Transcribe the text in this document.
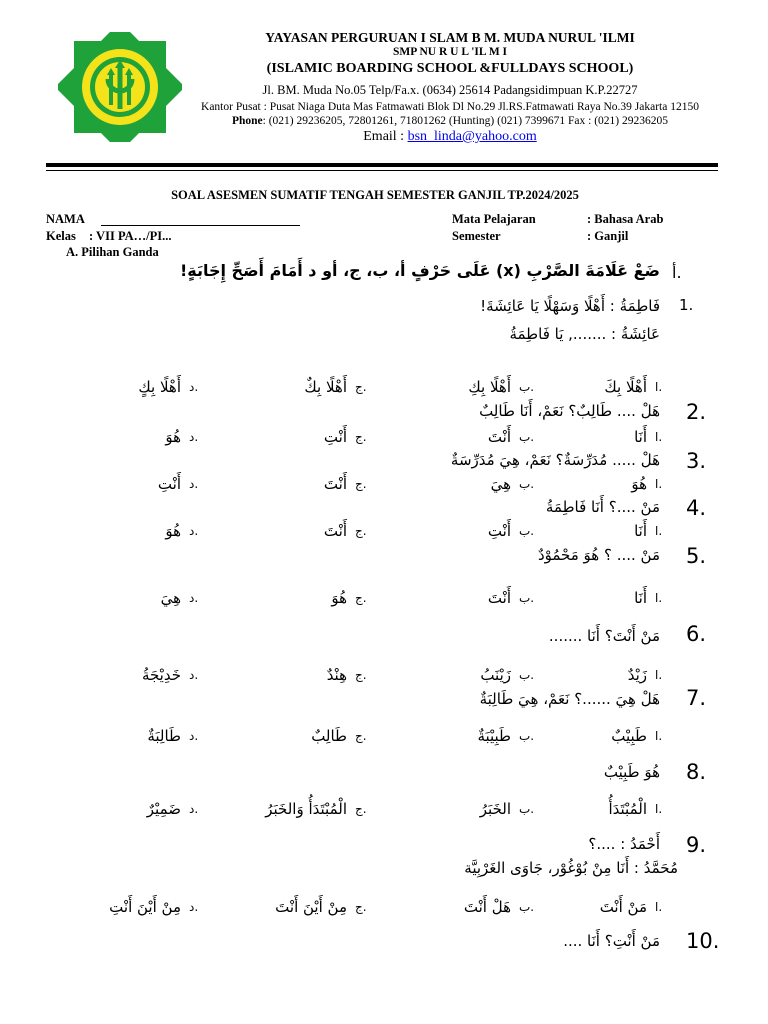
YAYASAN PERGURUAN I SLAM B M. MUDA NURUL 'ILMI
SMP NU R U L 'IL M I
(ISLAMIC BOARDING SCHOOL &FULLDAYS SCHOOL)
Jl. BM. Muda No.05 Telp/Fa.x. (0634) 25614 Padangsidimpuan K.P.22727
Kantor Pusat : Pusat Niaga Duta Mas Fatmawati Blok Dl No.29 Jl.RS.Fatmawati Raya No.39 Jakarta 12150
Phone: (021) 29236205, 72801261, 71801262 (Hunting) (021) 7399671 Fax : (021) 29236205
Email : bsn_linda@yahoo.com
SOAL ASESMEN SUMATIF TENGAH SEMESTER GANJIL TP.2024/2025
NAMA
Kelas : VII PA…/PI...
A. Pilihan Ganda
Mata Pelajaran	: Bahasa Arab
Semester	: Ganjil
أ.
ضَعْ عَلَامَةَ الصَّرْبِ (x) عَلَى حَرْفٍ أ، ب، ج، أو د أَمَامَ أَصَحِّ إِجَابَةٍ!
1.
فَاطِمَةُ : أَهْلًا وَسَهْلًا يَا عَائِشَةَ!
عَائِشَةُ : ......., يَا فَاطِمَةُ
ا.
أَهْلًا بِكَ
ب.
أَهْلًا بِكِ
ج.
أَهْلًا بِكٌ
د.
أَهْلًا بِكٍ
2.
هَلْ .... طَالِبٌ؟ نَعَمْ، أَنَا طَالِبٌ
ا.
أَنَا
ب.
أَنْتَ
ج.
أَنْتِ
د.
هُوَ
3.
هَلْ ..... مُدَرِّسَةٌ؟ نَعَمْ، هِيَ مُدَرِّسَةٌ
ا.
هُوَ
ب.
هِيَ
ج.
أَنْتَ
د.
أَنْتِ
4.
مَنْ ....؟ أَنَا فَاطِمَةُ
ا.
أَنَا
ب.
أَنْتِ
ج.
أَنْتَ
د.
هُوَ
5.
مَنْ .... ؟ هُوَ مَحْمُوْدٌ
ا.
أَنَا
ب.
أَنْتَ
ج.
هُوَ
د.
هِيَ
6.
مَنْ أَنْتَ؟ أَنَا .......
ا.
زَيْدٌ
ب.
زَيْنَبُ
ج.
هِنْدٌ
د.
خَدِيْجَةُ
7.
هَلْ هِيَ ......؟ نَعَمْ، هِيَ طَالِبَةٌ
ا.
طَبِيْبٌ
ب.
طَبِيْبَةٌ
ج.
طَالِبٌ
د.
طَالِبَةٌ
8.
هُوَ طَبِيْبٌ
ا.
الْمُبْتَدَأُ
ب.
الخَبَرُ
ج.
الْمُبْتَدَأُ وَالخَبَرُ
د.
ضَمِيْرٌ
9.
أَحْمَدُ : ....؟
مُحَمَّدُ : أَنَا مِنْ بُوْغُوْر، جَاوَى الغَرْبِيَّة
ا.
مَنْ أَنْتَ
ب.
هَلْ أَنْتَ
ج.
مِنْ أَيْنَ أَنْتَ
د.
مِنْ أَيْنَ أَنْتِ
10.
مَنْ أَنْتِ؟ أَنَا ....
